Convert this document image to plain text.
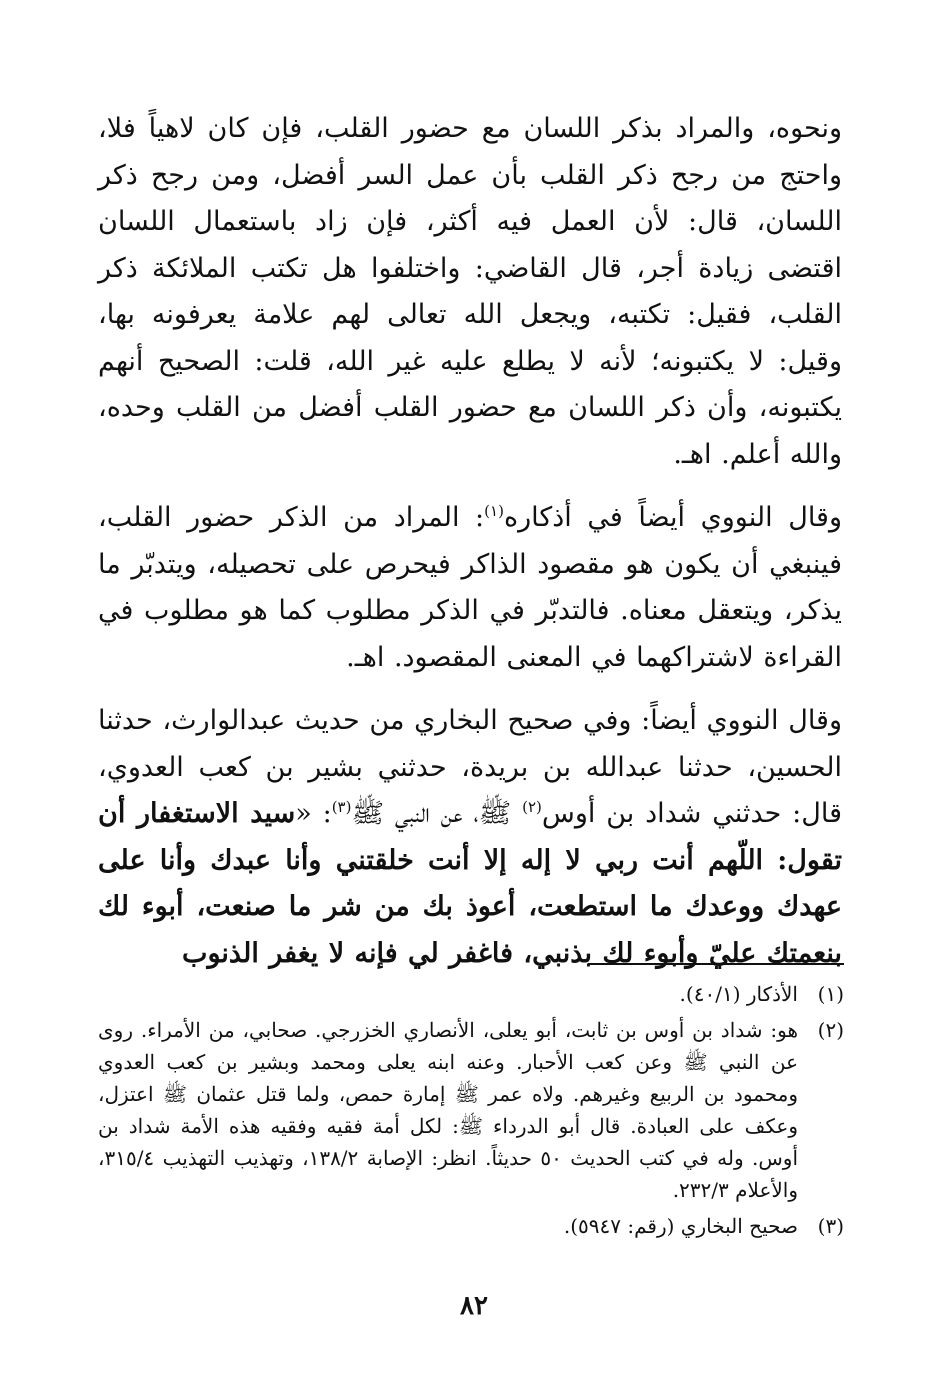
ونحوه، والمراد بذكر اللسان مع حضور القلب، فإن كان لاهياً فلا، واحتج من رجح ذكر القلب بأن عمل السر أفضل، ومن رجح ذكر اللسان، قال: لأن العمل فيه أكثر، فإن زاد باستعمال اللسان اقتضى زيادة أجر، قال القاضي: واختلفوا هل تكتب الملائكة ذكر القلب، فقيل: تكتبه، ويجعل الله تعالى لهم علامة يعرفونه بها، وقيل: لا يكتبونه؛ لأنه لا يطلع عليه غير الله، قلت: الصحيح أنهم يكتبونه، وأن ذكر اللسان مع حضور القلب أفضل من القلب وحده، والله أعلم. اهـ.

وقال النووي أيضاً في أذكاره$^{(١)}$: المراد من الذكر حضور القلب، فينبغي أن يكون هو مقصود الذاكر فيحرص على تحصيله، ويتدبّر ما يذكر، ويتعقل معناه. فالتدبّر في الذكر مطلوب كما هو مطلوب في القراءة لاشتراكهما في المعنى المقصود. اهـ.

وقال النووي أيضاً: وفي صحيح البخاري من حديث عبدالوارث، حدثنا الحسين، حدثنا عبدالله بن بريدة، حدثني بشير بن كعب العدوي، قال: حدثني شداد بن أوس$^{(٢)}$ ﷺ، عن النبي ﷺ$^{(٣)}$: «سيد الاستغفار أن تقول: اللّهم أنت ربي لا إله إلا أنت خلقتني وأنا عبدك وأنا على عهدك ووعدك ما استطعت، أعوذ بك من شر ما صنعت، أبوء لك بنعمتك عليّ وأبوء لك بذنبي، فاغفر لي فإنه لا يغفر الذنوب

(١)
الأذكار (٤٠/١).
(٢)
هو: شداد بن أوس بن ثابت، أبو يعلى، الأنصاري الخزرجي. صحابي، من الأمراء. روى عن النبي ﷺ وعن كعب الأحبار. وعنه ابنه يعلى ومحمد وبشير بن كعب العدوي ومحمود بن الربيع وغيرهم. ولاه عمر ﷺ إمارة حمص، ولما قتل عثمان ﷺ اعتزل، وعكف على العبادة. قال أبو الدرداء ﷺ: لكل أمة فقيه وفقيه هذه الأمة شداد بن أوس. وله في كتب الحديث ٥٠ حديثاً. انظر: الإصابة ١٣٨/٢، وتهذيب التهذيب ٣١٥/٤، والأعلام ٢٣٢/٣.
(٣)
صحيح البخاري (رقم: ٥٩٤٧).
٨٢
